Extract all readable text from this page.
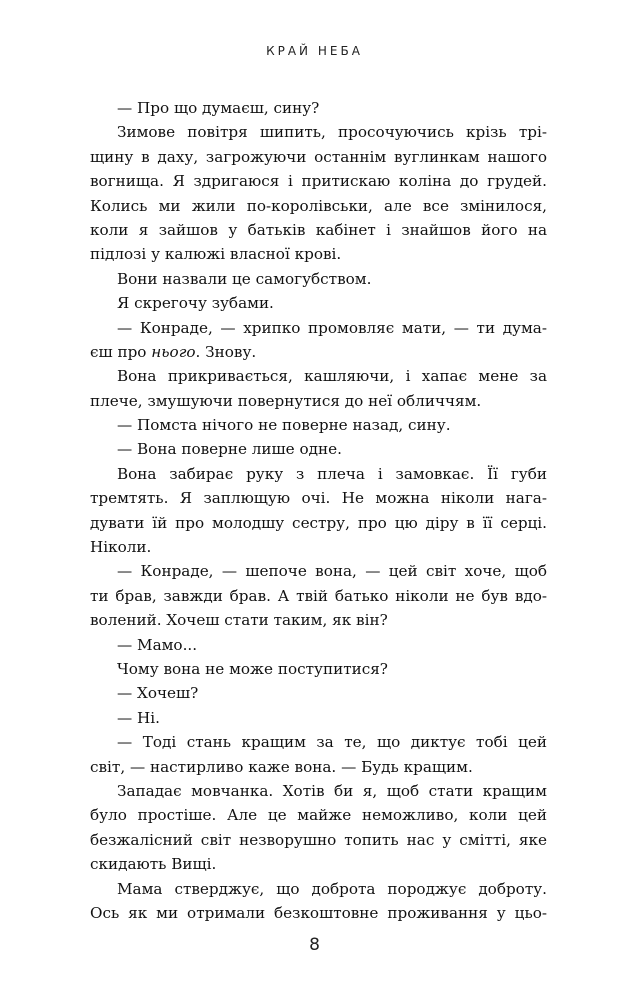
КРАЙ НЕБА
— Про що думаєш, сину?
Зимове повітря шипить, просочуючись крізь трі-
щину в даху, загрожуючи останнім вуглинкам нашого
вогнища. Я здригаюся і притискаю коліна до грудей.
Колись ми жили по-королівськи, але все змінилося,
коли я зайшов у батьків кабінет і знайшов його на
підлозі у калюжі власної крові.
Вони назвали це самогубством.
Я скрегочу зубами.
— Конраде, — хрипко промовляє мати, — ти дума-
єш про нього. Знову.
Вона прикривається, кашляючи, і хапає мене за
плече, змушуючи повернутися до неї обличчям.
— Помста нічого не поверне назад, сину.
— Вона поверне лише одне.
Вона забирає руку з плеча і замовкає. Її губи
тремтять. Я заплющую очі. Не можна ніколи нага-
дувати їй про молодшу сестру, про цю діру в її серці.
Ніколи.
— Конраде, — шепоче вона, — цей світ хоче, щоб
ти брав, завжди брав. А твій батько ніколи не був вдо-
волений. Хочеш стати таким, як він?
— Мамо...
Чому вона не може поступитися?
— Хочеш?
— Ні.
— Тоді стань кращим за те, що диктує тобі цей
світ, — настирливо каже вона. — Будь кращим.
Западає мовчанка. Хотів би я, щоб стати кращим
було простіше. Але це майже неможливо, коли цей
безжалісний світ незворушно топить нас у смітті, яке
скидають Вищі.
Мама стверджує, що доброта породжує доброту.
Ось як ми отримали безкоштовне проживання у цьо-
8
